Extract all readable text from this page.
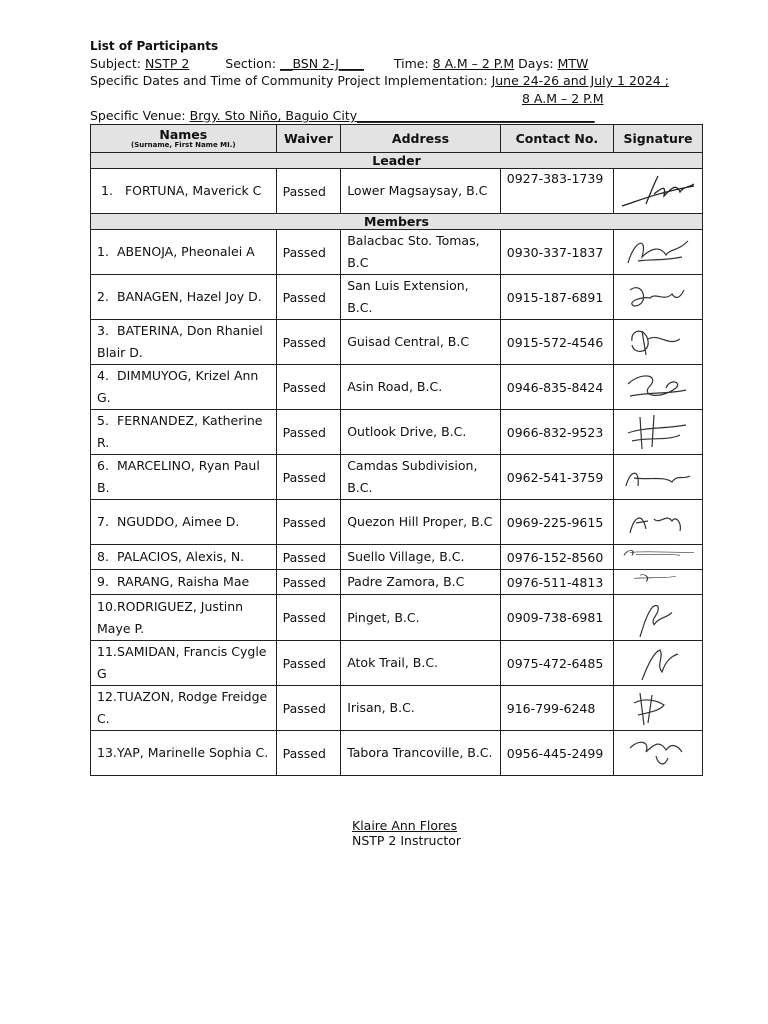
List of Participants
Subject: NSTP 2	Section: __BSN 2-J____ Time: 8 A.M – 2 P.M Days: MTW
Specific Dates and Time of Community Project Implementation: June 24-26 and July 1 2024 ;
8 A.M – 2 P.M
Specific Venue: Brgy. Sto Niño, Baguio City______________________________________
Names
(Surname, First Name MI.)	Waiver	Address	Contact No.	Signature
Leader				
1. FORTUNA, Maverick C	Passed	Lower Magsaysay, B.C	0927-383-1739	

Members				
1. ABENOJA, Pheonalei A	Passed	Balacbac Sto. Tomas, B.C	0930-337-1837	

2. BANAGEN, Hazel Joy D.	Passed	San Luis Extension, B.C.	0915-187-6891	

3. BATERINA, Don Rhaniel Blair D.	Passed	Guisad Central, B.C	0915-572-4546	

4. DIMMUYOG, Krizel Ann G.	Passed	Asin Road, B.C.	0946-835-8424	

5. FERNANDEZ, Katherine R.	Passed	Outlook Drive, B.C.	0966-832-9523	

6. MARCELINO, Ryan Paul B.	Passed	Camdas Subdivision, B.C.	0962-541-3759	

7. NGUDDO, Aimee D.	Passed	Quezon Hill Proper, B.C	0969-225-9615	

8. PALACIOS, Alexis, N.	Passed	Suello Village, B.C.	0976-152-8560	

9. RARANG, Raisha Mae	Passed	Padre Zamora, B.C	0976-511-4813	

10.RODRIGUEZ, Justinn Maye P.	Passed	Pinget, B.C.	0909-738-6981	

11.SAMIDAN, Francis Cygle G	Passed	Atok Trail, B.C.	0975-472-6485	

12.TUAZON, Rodge Freidge C.	Passed	Irisan, B.C.	916-799-6248	

13.YAP, Marinelle Sophia C.	Passed	Tabora Trancoville, B.C.	0956-445-2499	
Klaire Ann Flores
NSTP 2 Instructor
